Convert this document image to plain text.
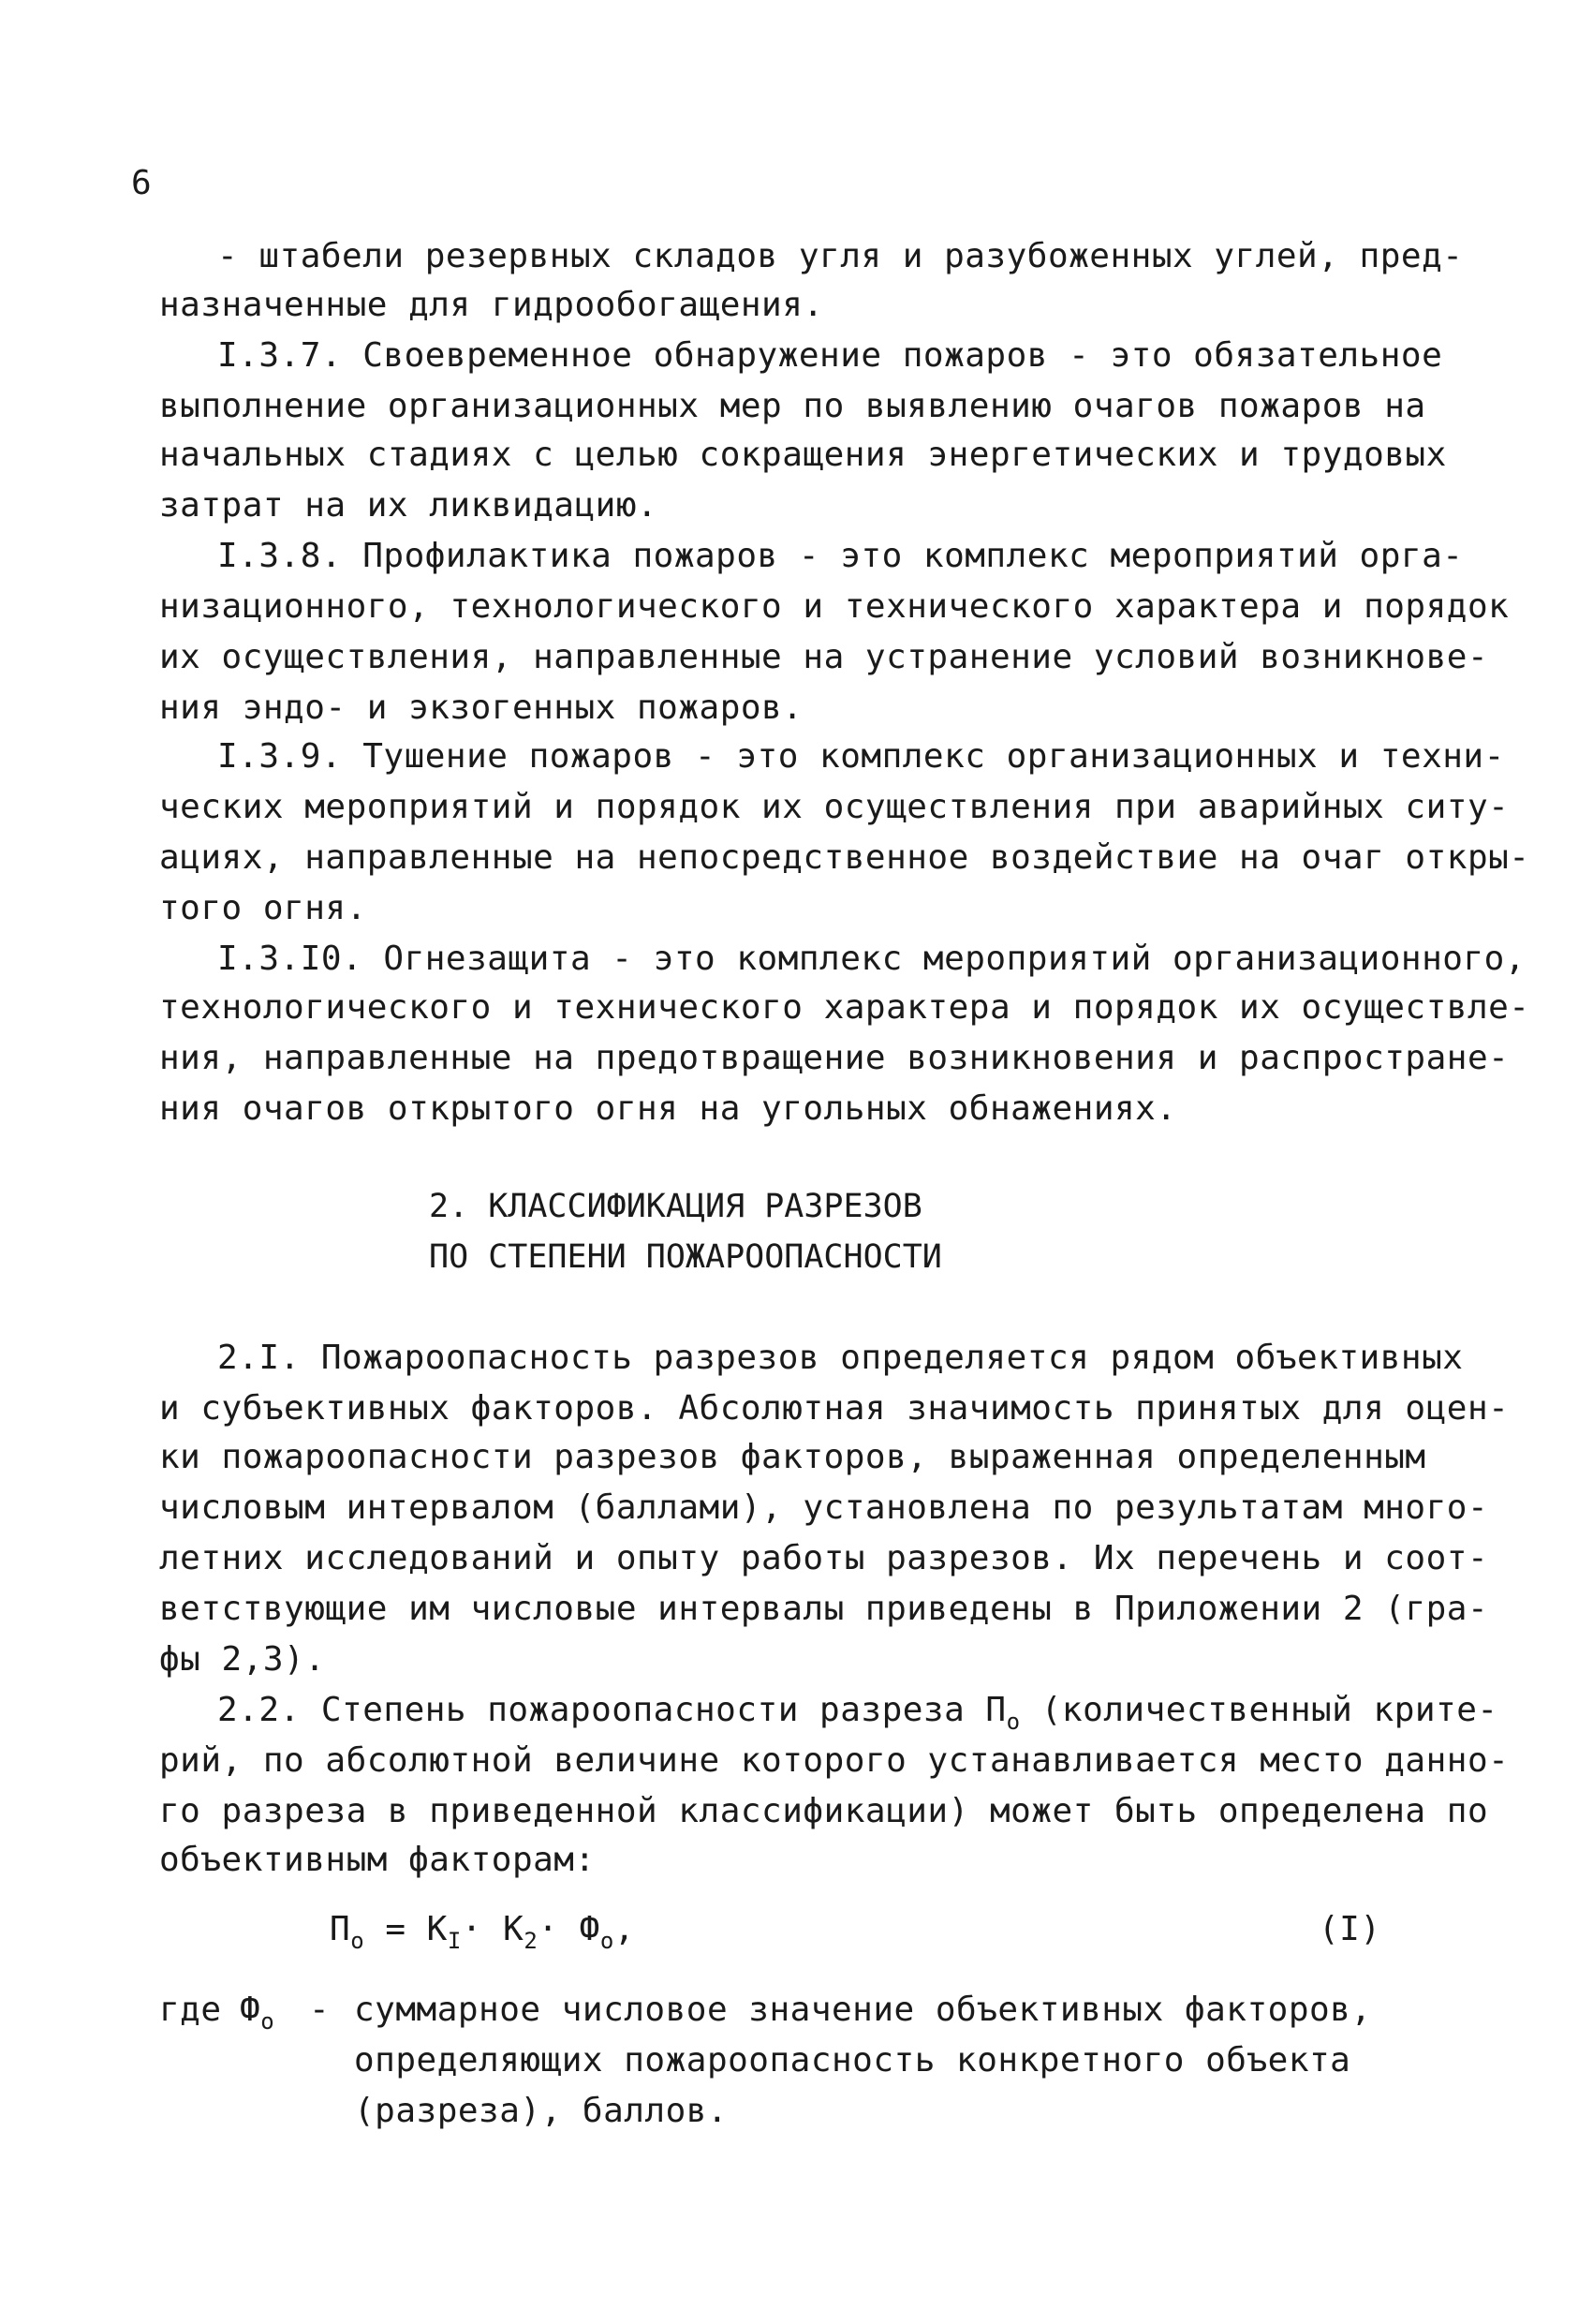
6
- штабели резервных складов угля и разубоженных углей, пред-
назначенные для гидрообогащения.
I.3.7. Своевременное обнаружение пожаров - это обязательное
выполнение организационных мер по выявлению очагов пожаров на
начальных стадиях с целью сокращения энергетических и трудовых
затрат на их ликвидацию.
I.3.8. Профилактика пожаров - это комплекс мероприятий орга-
низационного, технологического и технического характера и порядок
их осуществления, направленные на устранение условий возникнове-
ния эндо- и экзогенных пожаров.
I.3.9. Тушение пожаров - это комплекс организационных и техни-
ческих мероприятий и порядок их осуществления при аварийных ситу-
ациях, направленные на непосредственное воздействие на очаг откры-
того огня.
I.3.I0. Огнезащита - это комплекс мероприятий организационного,
технологического и технического характера и порядок их осуществле-
ния, направленные на предотвращение возникновения и распростране-
ния очагов открытого огня на угольных обнажениях.
2. КЛАССИФИКАЦИЯ РАЗРЕЗОВ
ПО СТЕПЕНИ ПОЖАРООПАСНОСТИ
2.I. Пожароопасность разрезов определяется рядом объективных
и субъективных факторов. Абсолютная значимость принятых для оцен-
ки пожароопасности разрезов факторов, выраженная определенным
числовым интервалом (баллами), установлена по результатам много-
летних исследований и опыту работы разрезов. Их перечень и соот-
ветствующие им числовые интервалы приведены в Приложении 2 (гра-
фы 2,3).
2.2. Степень пожароопасности разреза $П_о$ (количественный крите-
рий, по абсолютной величине которого устанавливается место данно-
го разреза в приведенной классификации) может быть определена по
объективным факторам:
$П_о = К_I\cdot К_2\cdot Ф_о$,	(I)
где $Ф_о$ - суммарное числовое значение объективных факторов,
определяющих пожароопасность конкретного объекта
(разреза), баллов.
